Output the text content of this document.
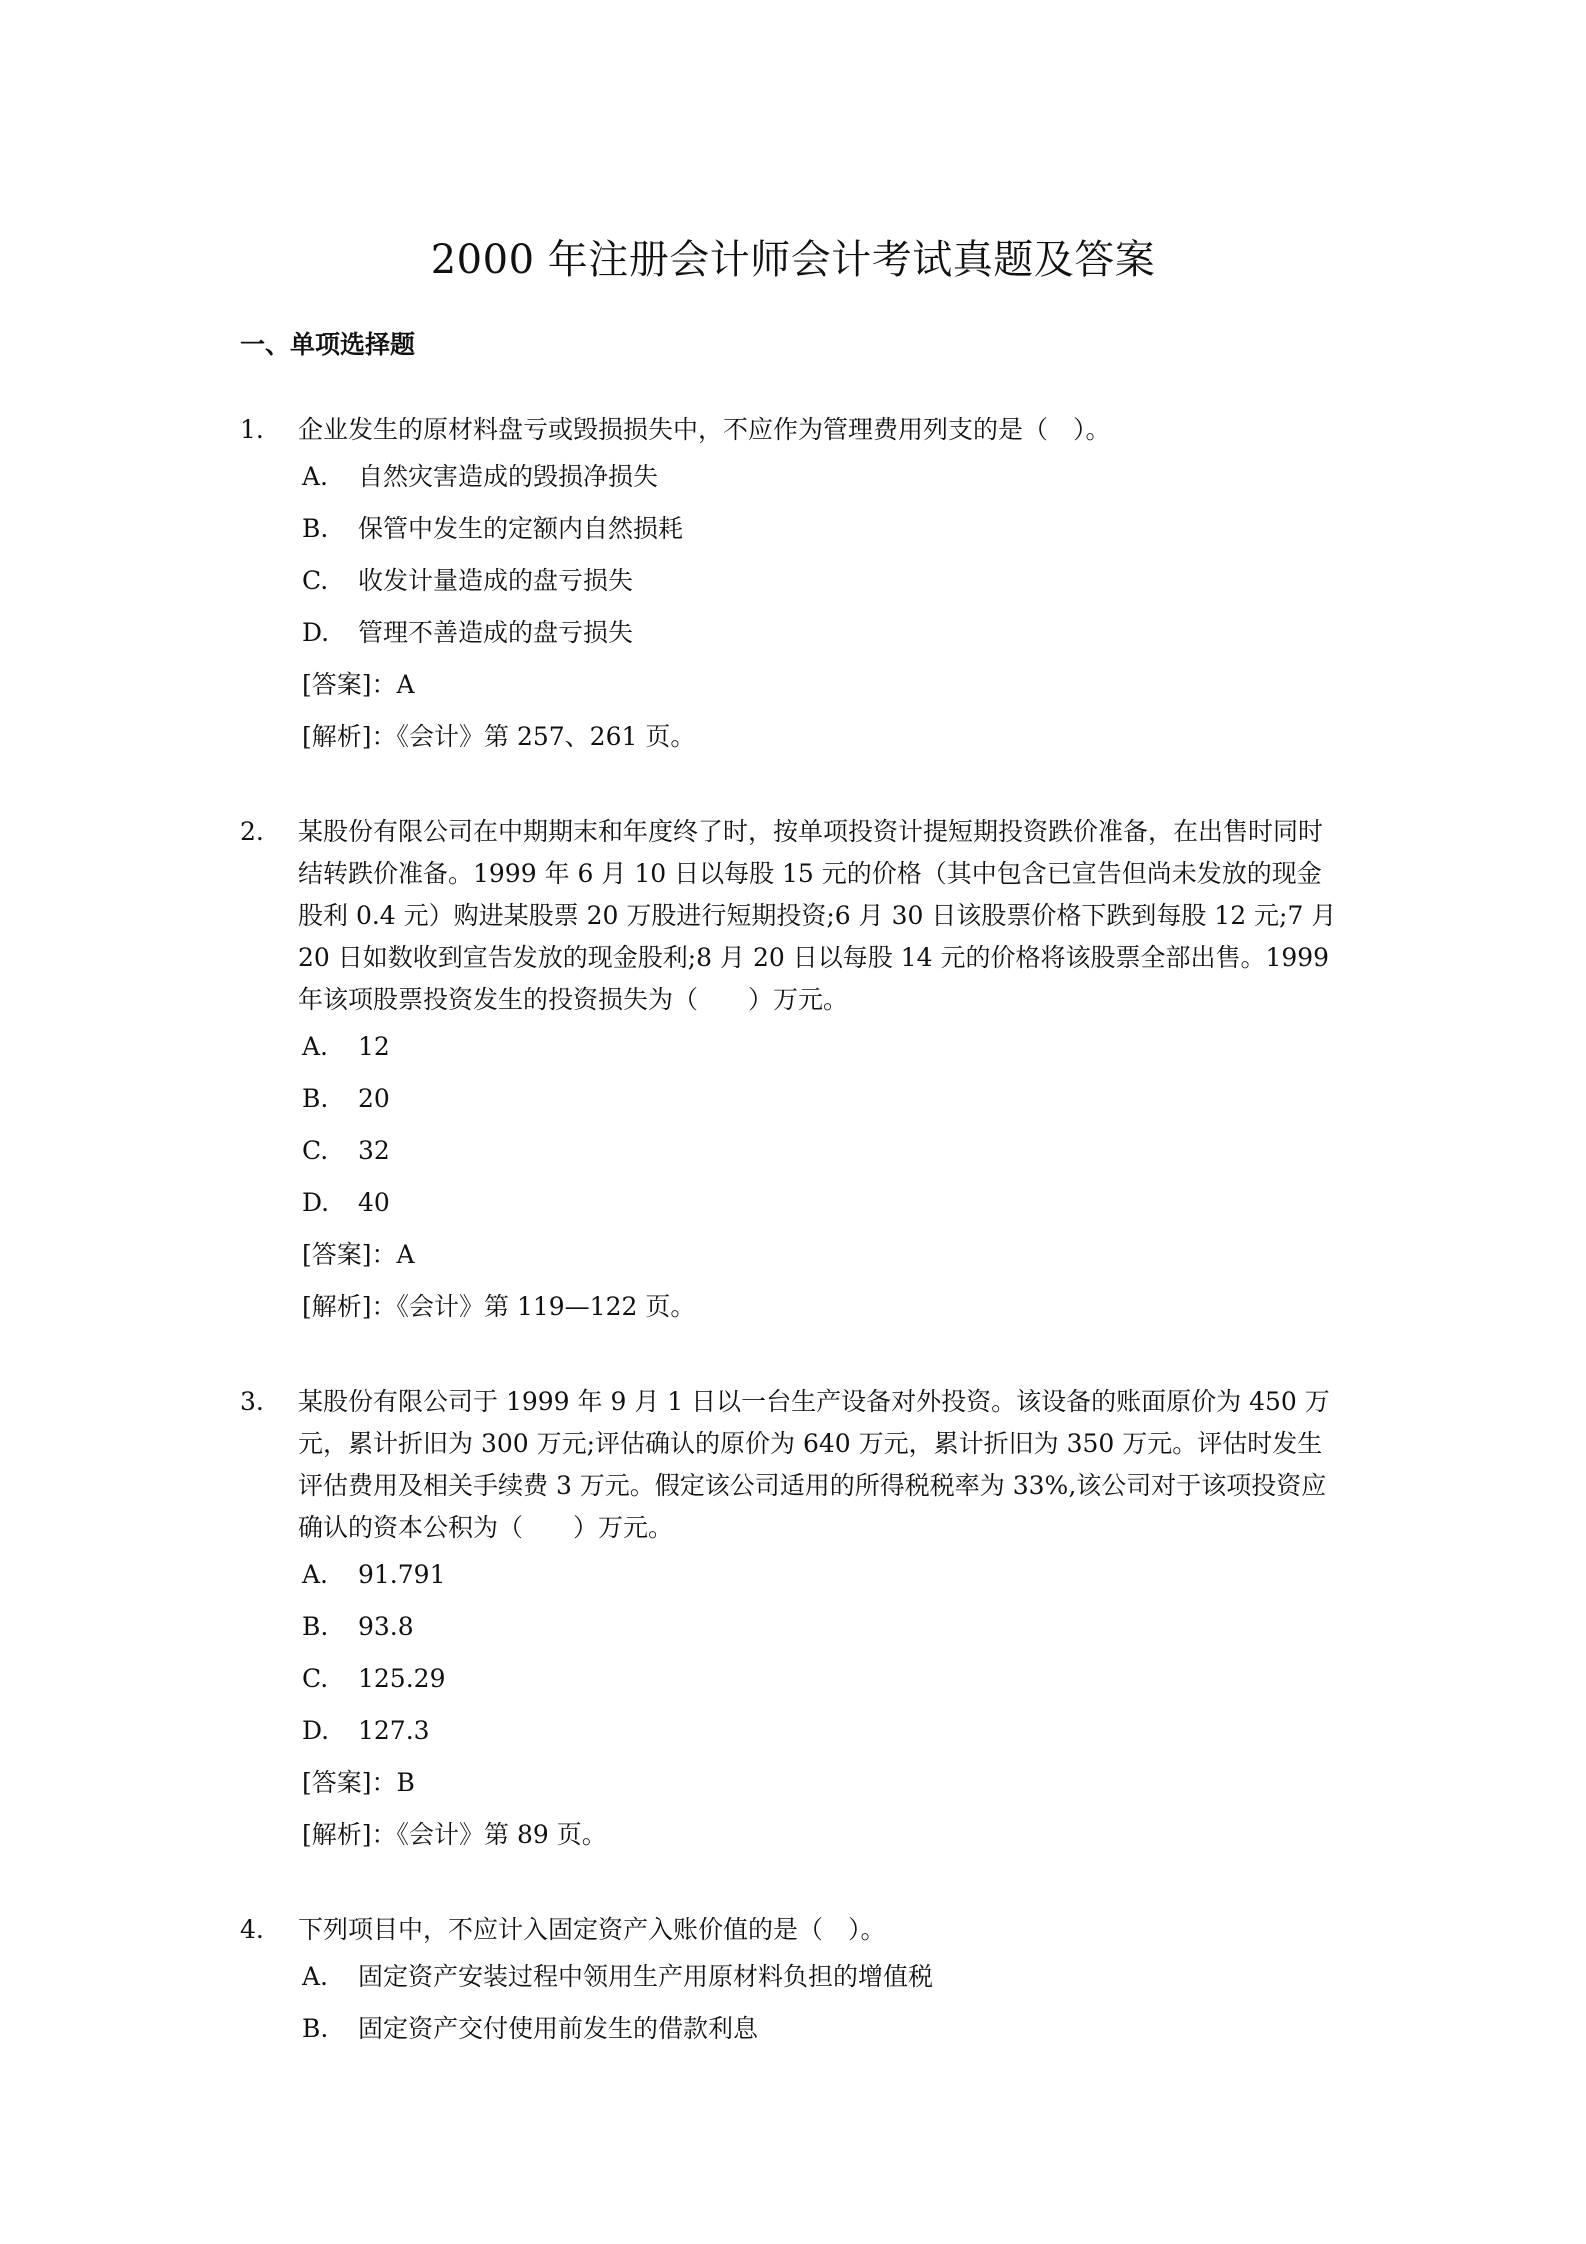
2000 年注册会计师会计考试真题及答案
一、单项选择题
1.	企业发生的原材料盘亏或毁损损失中，不应作为管理费用列支的是（　）。
A.	自然灾害造成的毁损净损失
B.	保管中发生的定额内自然损耗
C.	收发计量造成的盘亏损失
D.	管理不善造成的盘亏损失
[答案]：A
[解析]：《会计》第 257、261 页。
2.	某股份有限公司在中期期末和年度终了时，按单项投资计提短期投资跌价准备，在出售时同时结转跌价准备。1999 年 6 月 10 日以每股 15 元的价格（其中包含已宣告但尚未发放的现金股利 0.4 元）购进某股票 20 万股进行短期投资;6 月 30 日该股票价格下跌到每股 12 元;7 月 20 日如数收到宣告发放的现金股利;8 月 20 日以每股 14 元的价格将该股票全部出售。1999 年该项股票投资发生的投资损失为（　　）万元。
A.	12
B.	20
C.	32
D.	40
[答案]：A
[解析]：《会计》第 119—122 页。
3.	某股份有限公司于 1999 年 9 月 1 日以一台生产设备对外投资。该设备的账面原价为 450 万元，累计折旧为 300 万元;评估确认的原价为 640 万元，累计折旧为 350 万元。评估时发生评估费用及相关手续费 3 万元。假定该公司适用的所得税税率为 33%,该公司对于该项投资应确认的资本公积为（　　）万元。
A.	91.791
B.	93.8
C.	125.29
D.	127.3
[答案]：B
[解析]：《会计》第 89 页。
4.	下列项目中，不应计入固定资产入账价值的是（　）。
A.	固定资产安装过程中领用生产用原材料负担的增值税
B.	固定资产交付使用前发生的借款利息
